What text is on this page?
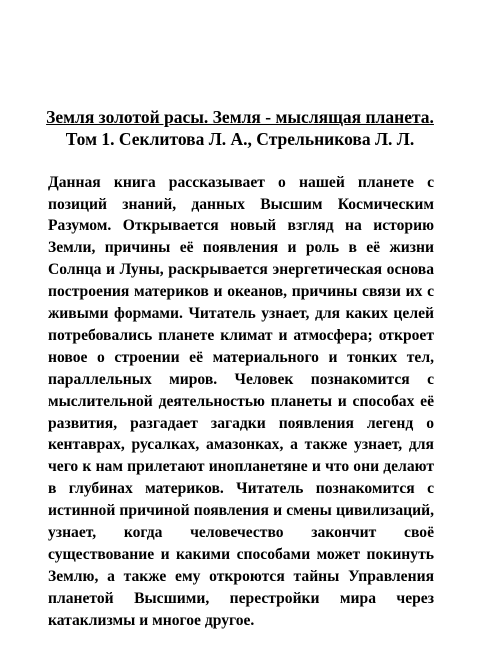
Земля золотой расы. Земля - мыслящая планета.
Том 1. Секлитова Л. А., Стрельникова Л. Л.

Данная книга рассказывает о нашей планете с позиций знаний, данных Высшим Космическим Разумом. Открывается новый взгляд на историю Земли, причины её появления и роль в её жизни Солнца и Луны, раскрывается энергетическая основа построения материков и океанов, причины связи их с живыми формами. Читатель узнает, для каких целей потребовались планете климат и атмосфера; откроет новое о строении её материального и тонких тел, параллельных миров. Человек познакомится с мыслительной деятельностью планеты и способах её развития, разгадает загадки появления легенд о кентаврах, русалках, амазонках, а также узнает, для чего к нам прилетают инопланетяне и что они делают в глубинах материков. Читатель познакомится с истинной причиной появления и смены цивилизаций, узнает, когда человечество закончит своё существование и какими способами может покинуть Землю, а также ему откроются тайны Управления планетой Высшими, перестройки мира через катаклизмы и многое другое.
